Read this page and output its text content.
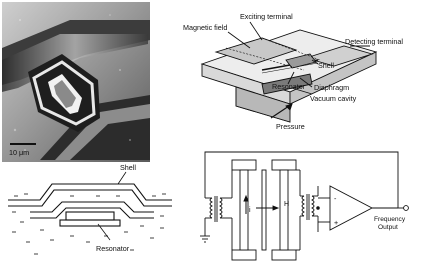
10 μm
Magnetic field
Exciting terminal
Detecting terminal
Shell
Resonator Diaphragm
Vacuum cavity
Pressure
Shell
Resonator
i
H
-
+	Frequency Output
